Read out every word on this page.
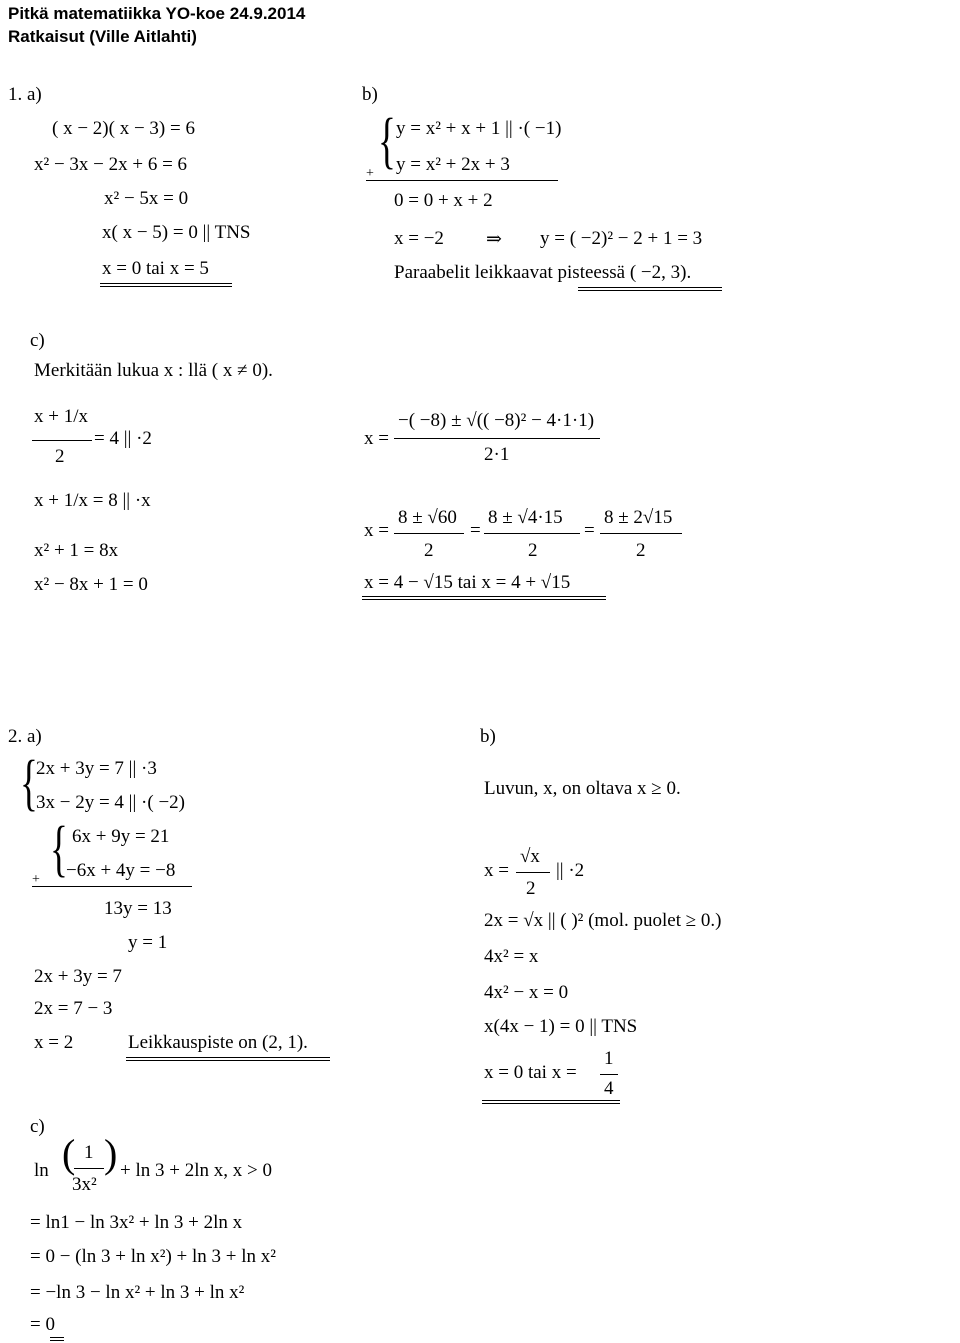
Pitkä matematiikka YO-koe 24.9.2014
Ratkaisut (Ville Aitlahti)
1. a)
( x − 2)( x − 3) = 6
x² − 3x − 2x + 6 = 6
x² − 5x = 0
x( x − 5) = 0 || TNS
x = 0 tai x = 5
b)
{ y = x² + x + 1 || ·( −1)
y = x² + 2x + 3
+
0 = 0 + x + 2
x = −2 ⇒ y = ( −2)² − 2 + 1 = 3
Paraabelit leikkaavat pisteessä ( −2, 3).
c)
Merkitään lukua x : llä ( x ≠ 0).
x + 1/x
2
= 4 || ·2
x + 1/x = 8 || ·x
x² + 1 = 8x
x² − 8x + 1 = 0
x =
−( −8) ± √(( −8)² − 4·1·1)
2·1
x =
8 ± √60
2
=
8 ± √4·15
2
=
8 ± 2√15
2
x = 4 − √15 tai x = 4 + √15
2. a)
{
2x + 3y = 7 || ·3
3x − 2y = 4 || ·( −2)
{ 6x + 9y = 21
−6x + 4y = −8
+
13y = 13
y = 1
2x + 3y = 7
2x = 7 − 3
x = 2	Leikkauspiste on (2, 1).
b)
Luvun, x, on oltava x ≥ 0.
x =
√x
2
|| ·2
2x = √x || ( )² (mol. puolet ≥ 0.)
4x² = x
4x² − x = 0
x(4x − 1) = 0 || TNS
x = 0 tai x =
1
4
c)
ln ( 1
3x²
) + ln 3 + 2ln x, x > 0
= ln1 − ln 3x² + ln 3 + 2ln x
= 0 − (ln 3 + ln x²) + ln 3 + ln x²
= −ln 3 − ln x² + ln 3 + ln x²
= 0
